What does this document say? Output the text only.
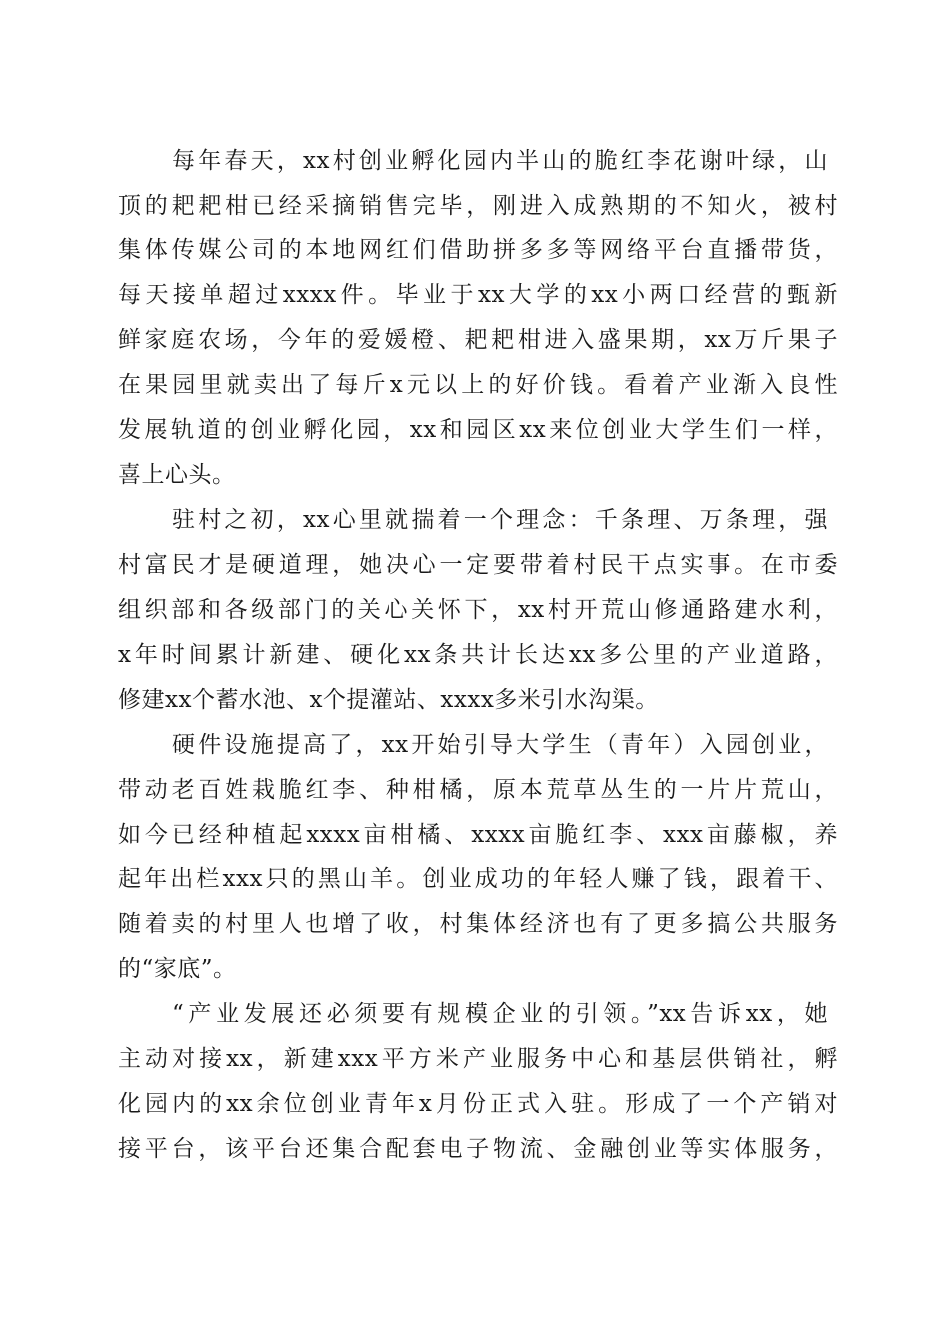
每年春天，xx村创业孵化园内半山的脆红李花谢叶绿，山
顶的耙耙柑已经采摘销售完毕，刚进入成熟期的不知火，被村
集体传媒公司的本地网红们借助拼多多等网络平台直播带货，
每天接单超过xxxx件。毕业于xx大学的xx小两口经营的甄新
鲜家庭农场，今年的爱媛橙、耙耙柑进入盛果期，xx万斤果子
在果园里就卖出了每斤x元以上的好价钱。看着产业渐入良性
发展轨道的创业孵化园，xx和园区xx来位创业大学生们一样，
喜上心头。
驻村之初，xx心里就揣着一个理念：千条理、万条理，强
村富民才是硬道理，她决心一定要带着村民干点实事。在市委
组织部和各级部门的关心关怀下，xx村开荒山修通路建水利，
x年时间累计新建、硬化xx条共计长达xx多公里的产业道路，
修建xx个蓄水池、x个提灌站、xxxx多米引水沟渠。
硬件设施提高了，xx开始引导大学生（青年）入园创业，
带动老百姓栽脆红李、种柑橘，原本荒草丛生的一片片荒山，
如今已经种植起xxxx亩柑橘、xxxx亩脆红李、xxx亩藤椒，养
起年出栏xxx只的黑山羊。创业成功的年轻人赚了钱，跟着干、
随着卖的村里人也增了收，村集体经济也有了更多搞公共服务
的“家底”。
“产业发展还必须要有规模企业的引领。”xx告诉xx，她
主动对接xx，新建xxx平方米产业服务中心和基层供销社，孵
化园内的xx余位创业青年x月份正式入驻。形成了一个产销对
接平台，该平台还集合配套电子物流、金融创业等实体服务，
